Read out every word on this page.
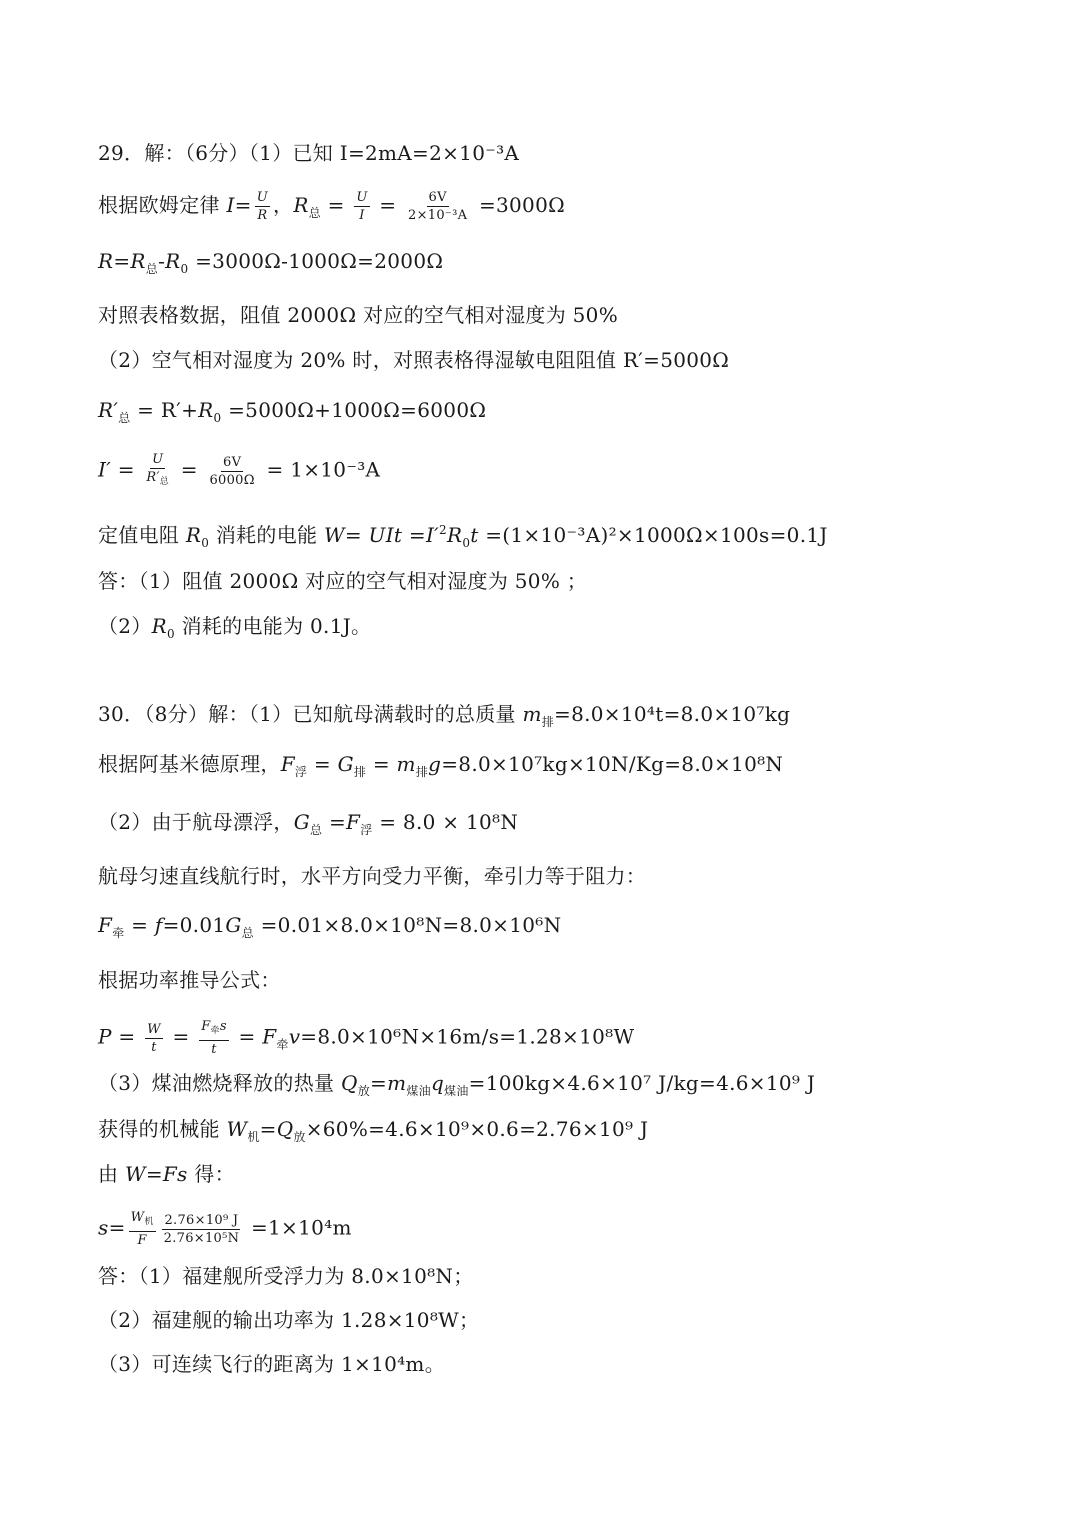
29．解：（6分）（1）已知 I=2mA=2×10⁻³A
根据欧姆定律 $I= \frac{U}{R}$ ，$R_总 = \frac{U}{I} = \frac{6V}{\text{2×10⁻³A}} =3000\Omega$
$R=R_总-R_0 =3000\Omega-1000\Omega=2000\Omega$
对照表格数据，阻值 2000Ω 对应的空气相对湿度为 50%
（2）空气相对湿度为 20% 时，对照表格得湿敏电阻阻值 R′=5000Ω
$R'_总 = R'+R_0 =5000\Omega+1000\Omega=6000\Omega$
$I' = \frac{U}{R'_总} = \frac{6V}{6000\Omega} = 1\times 10^{-3}A$
定值电阻 $R_0$ 消耗的电能 W= UIt $=I'^2R_0t =(1\times 10^{-3}A)^2\times 1000\Omega\times 100s=0.1J$
答：（1）阻值 2000Ω 对应的空气相对湿度为 50% ；
$(2)R_0$ 消耗的电能为 0.1J。
30．（8分）解：（1）已知航母满载时的总质量 $m_排=8.0\times 10^4t=8.0\times 10^7kg$
根据阿基米德原理，$F_浮 = G_排 = m_排g=8.0\times 10^7kg\times 10N/Kg=8.0\times 10^8N$
（2）由于航母漂浮，$G_总 =F_浮 = 8.0 \times 10^8N$
航母匀速直线航行时，水平方向受力平衡，牵引力等于阻力：
$F_牵 = f=0.01G_总 =0.01\times 8.0\times 10^8N=8.0\times 10^6N$
根据功率推导公式：
$P = \frac{W}{t} = \frac{F_牵s}{t} = F_牵v=8.0\times 10^6N\times 16m/s=1.28\times 10^8W$
（3）煤油燃烧释放的热量 $Q_放=m_{煤油}q_{煤油}=100kg\times 4.6\times 10^7$ J/kg=4.6×10⁹ J
获得的机械能 $W_机=Q_放\times 60\%=4.6\times 10^9\times 0.6=2.76\times 10^9$ J
由 W=Fs 得：
$s= \frac{W_机}{F} \frac{\text{2.76×10⁹ J}}{\text{2.76×10⁵N}} =1\times 10^4m$
答：（1）福建舰所受浮力为 8.0×10⁸N；
（2）福建舰的输出功率为 1.28×10⁸W；
（3）可连续飞行的距离为 1×10⁴m。
